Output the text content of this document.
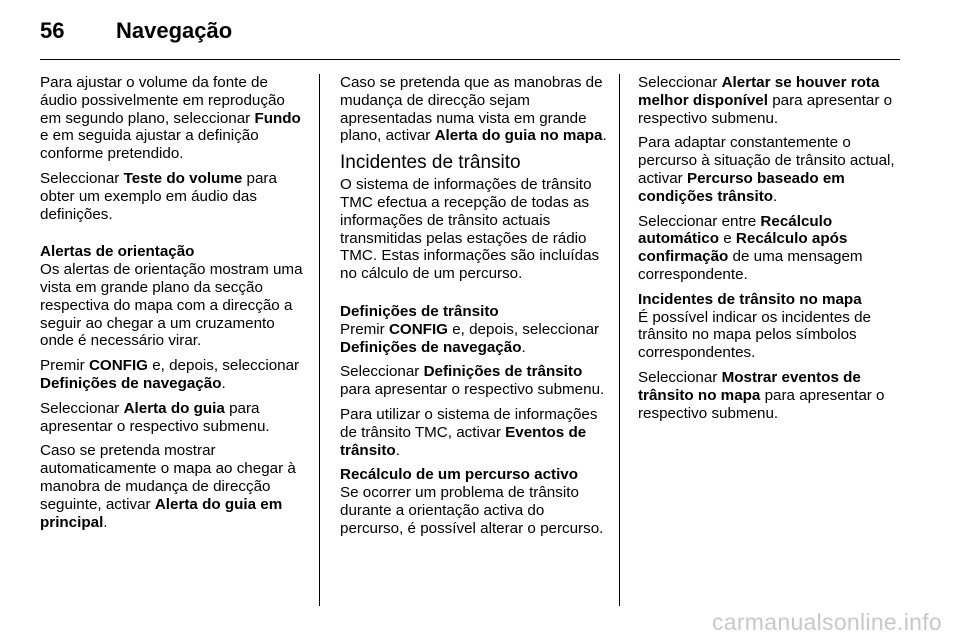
56 Navegação

Para ajustar o volume da fonte de áudio possivelmente em reprodução em segundo plano, seleccionar Fundo e em seguida ajustar a definição conforme pretendido.

Seleccionar Teste do volume para obter um exemplo em áudio das definições.

Alertas de orientação

Os alertas de orientação mostram uma vista em grande plano da secção respectiva do mapa com a direcção a seguir ao chegar a um cruzamento onde é necessário virar.

Premir CONFIG e, depois, seleccionar Definições de navegação.

Seleccionar Alerta do guia para apresentar o respectivo submenu.

Caso se pretenda mostrar automaticamente o mapa ao chegar à manobra de mudança de direcção seguinte, activar Alerta do guia em principal.

Caso se pretenda que as manobras de mudança de direcção sejam apresentadas numa vista em grande plano, activar Alerta do guia no mapa.

Incidentes de trânsito

O sistema de informações de trânsito TMC efectua a recepção de todas as informações de trânsito actuais transmitidas pelas estações de rádio TMC. Estas informações são incluídas no cálculo de um percurso.

Definições de trânsito

Premir CONFIG e, depois, seleccionar Definições de navegação.

Seleccionar Definições de trânsito para apresentar o respectivo submenu.

Para utilizar o sistema de informações de trânsito TMC, activar Eventos de trânsito.

Recálculo de um percurso activo

Se ocorrer um problema de trânsito durante a orientação activa do percurso, é possível alterar o percurso.

Seleccionar Alertar se houver rota melhor disponível para apresentar o respectivo submenu.

Para adaptar constantemente o percurso à situação de trânsito actual, activar Percurso baseado em condições trânsito.

Seleccionar entre Recálculo automático e Recálculo após confirmação de uma mensagem correspondente.

Incidentes de trânsito no mapa

É possível indicar os incidentes de trânsito no mapa pelos símbolos correspondentes.

Seleccionar Mostrar eventos de trânsito no mapa para apresentar o respectivo submenu.

carmanualsonline.info
